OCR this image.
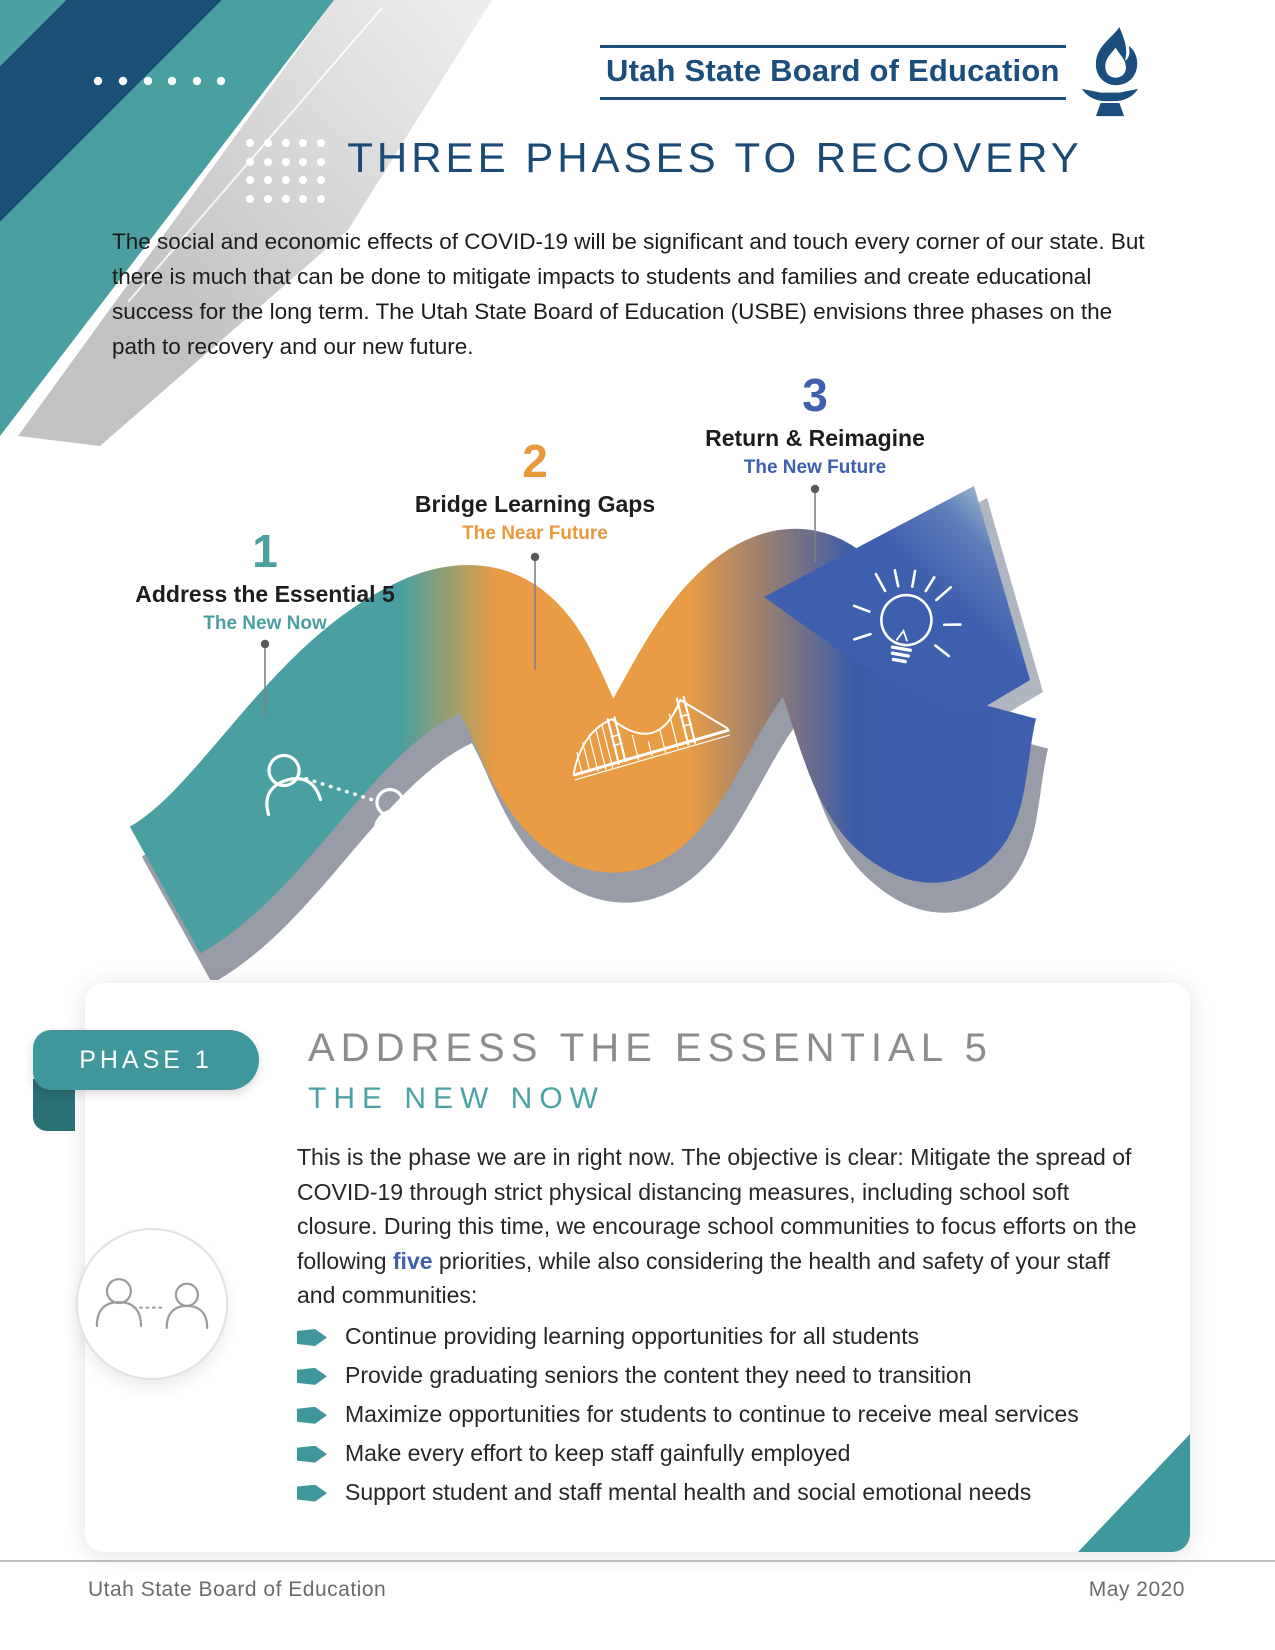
Utah State Board of Education
THREE PHASES TO RECOVERY
The social and economic effects of COVID-19 will be significant and touch every corner of our state. But there is much that can be done to mitigate impacts to students and families and create educational success for the long term. The Utah State Board of Education (USBE) envisions three phases on the path to recovery and our new future.
1
Address the Essential 5
The New Now
2
Bridge Learning Gaps
The Near Future
3
Return & Reimagine
The New Future
PHASE 1	ADDRESS THE ESSENTIAL 5
THE NEW NOW
This is the phase we are in right now. The objective is clear: Mitigate the spread of COVID-19 through strict physical distancing measures, including school soft closure. During this time, we encourage school communities to focus efforts on the following five priorities, while also considering the health and safety of your staff and communities:
Continue providing learning opportunities for all students
Provide graduating seniors the content they need to transition
Maximize opportunities for students to continue to receive meal services
Make every effort to keep staff gainfully employed
Support student and staff mental health and social emotional needs
Utah State Board of Education	May 2020
